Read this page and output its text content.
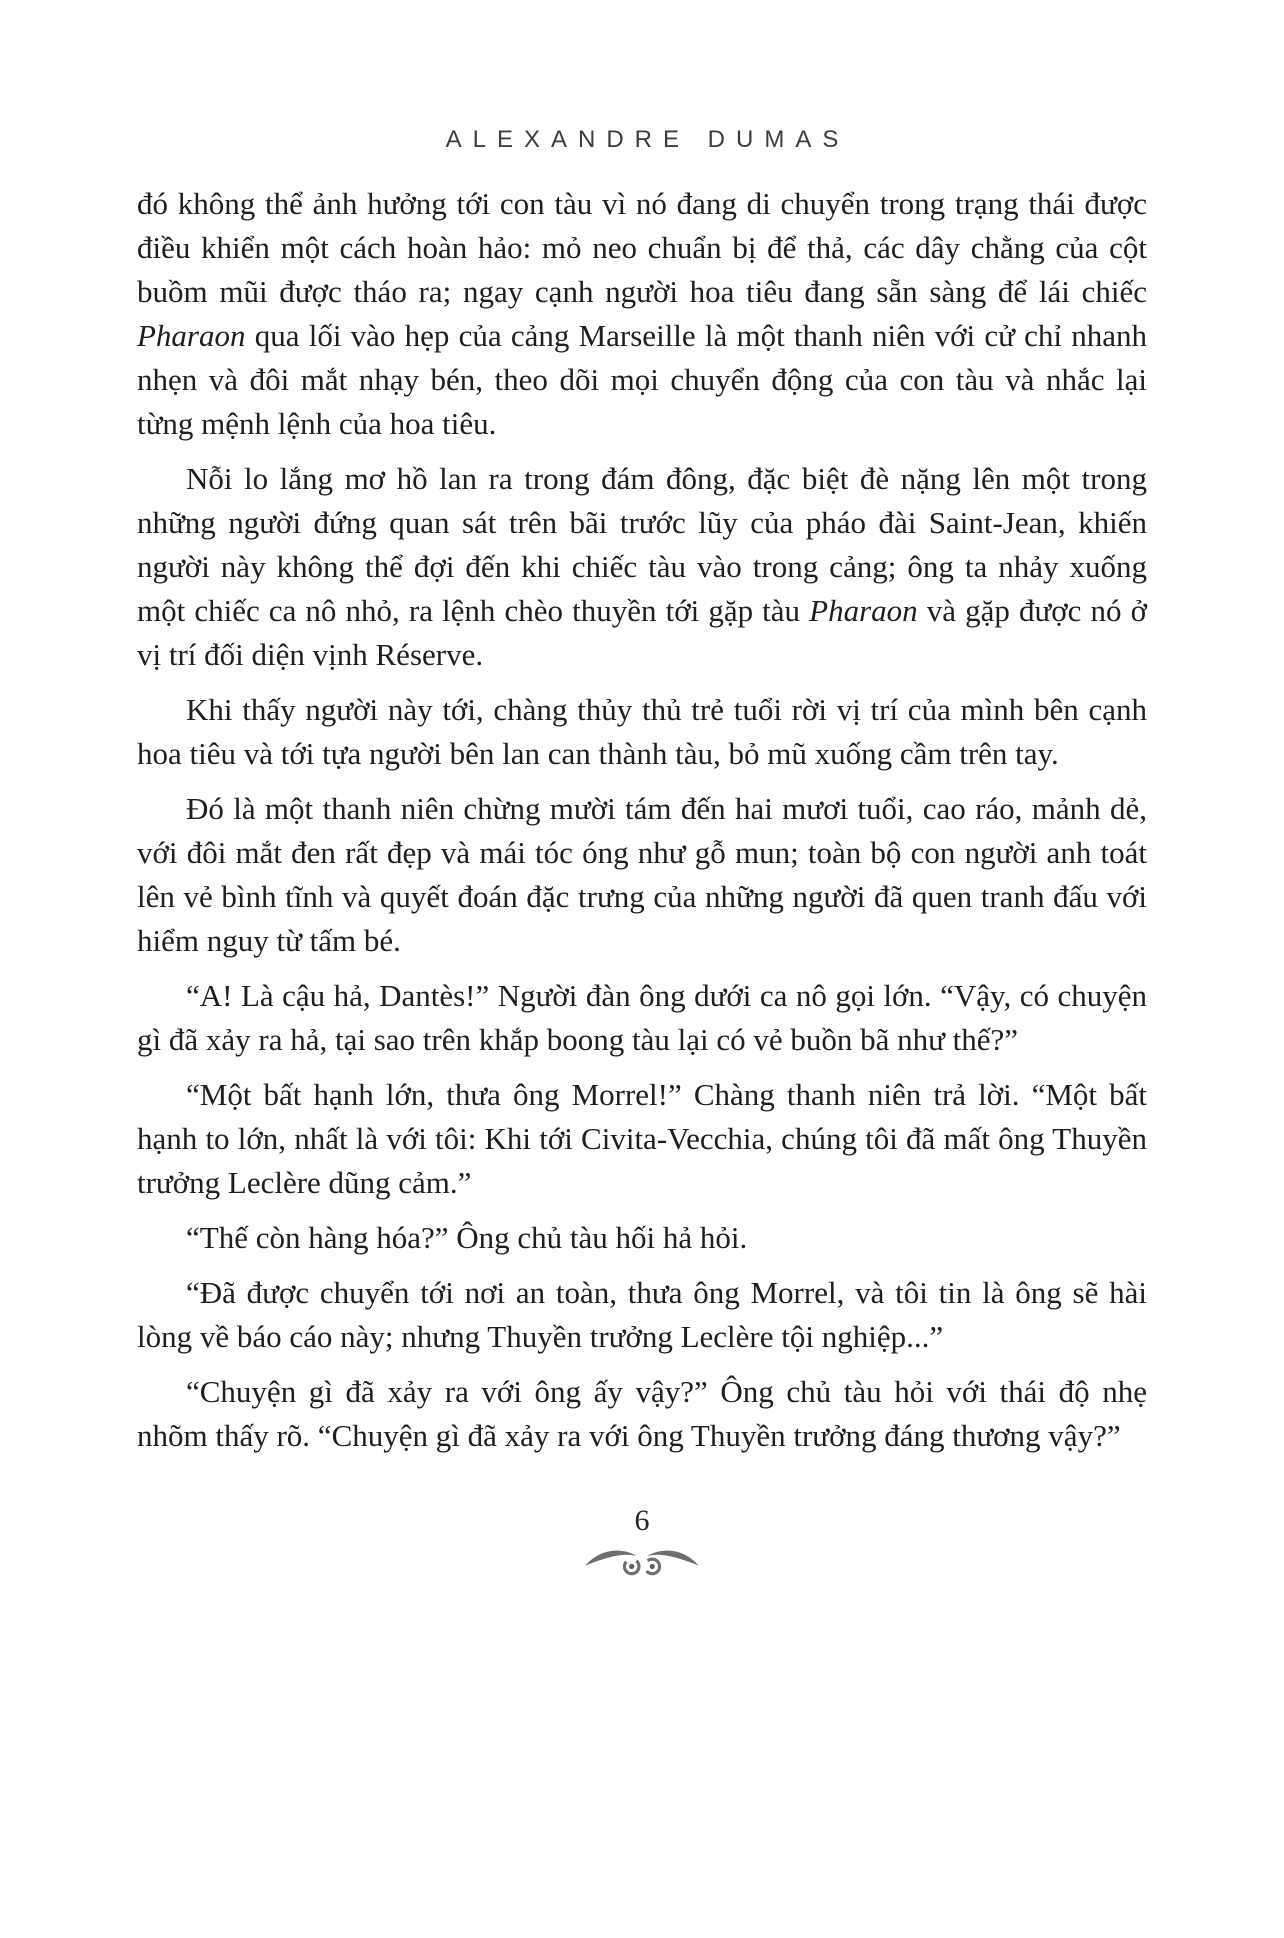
ALEXANDRE DUMAS

đó không thể ảnh hưởng tới con tàu vì nó đang di chuyển trong trạng thái được điều khiển một cách hoàn hảo: mỏ neo chuẩn bị để thả, các dây chằng của cột buồm mũi được tháo ra; ngay cạnh người hoa tiêu đang sẵn sàng để lái chiếc Pharaon qua lối vào hẹp của cảng Marseille là một thanh niên với cử chỉ nhanh nhẹn và đôi mắt nhạy bén, theo dõi mọi chuyển động của con tàu và nhắc lại từng mệnh lệnh của hoa tiêu.

Nỗi lo lắng mơ hồ lan ra trong đám đông, đặc biệt đè nặng lên một trong những người đứng quan sát trên bãi trước lũy của pháo đài Saint-Jean, khiến người này không thể đợi đến khi chiếc tàu vào trong cảng; ông ta nhảy xuống một chiếc ca nô nhỏ, ra lệnh chèo thuyền tới gặp tàu Pharaon và gặp được nó ở vị trí đối diện vịnh Réserve.

Khi thấy người này tới, chàng thủy thủ trẻ tuổi rời vị trí của mình bên cạnh hoa tiêu và tới tựa người bên lan can thành tàu, bỏ mũ xuống cầm trên tay.

Đó là một thanh niên chừng mười tám đến hai mươi tuổi, cao ráo, mảnh dẻ, với đôi mắt đen rất đẹp và mái tóc óng như gỗ mun; toàn bộ con người anh toát lên vẻ bình tĩnh và quyết đoán đặc trưng của những người đã quen tranh đấu với hiểm nguy từ tấm bé.

“A! Là cậu hả, Dantès!” Người đàn ông dưới ca nô gọi lớn. “Vậy, có chuyện gì đã xảy ra hả, tại sao trên khắp boong tàu lại có vẻ buồn bã như thế?”

“Một bất hạnh lớn, thưa ông Morrel!” Chàng thanh niên trả lời. “Một bất hạnh to lớn, nhất là với tôi: Khi tới Civita-Vecchia, chúng tôi đã mất ông Thuyền trưởng Leclère dũng cảm.”

“Thế còn hàng hóa?” Ông chủ tàu hối hả hỏi.

“Đã được chuyển tới nơi an toàn, thưa ông Morrel, và tôi tin là ông sẽ hài lòng về báo cáo này; nhưng Thuyền trưởng Leclère tội nghiệp...”

“Chuyện gì đã xảy ra với ông ấy vậy?” Ông chủ tàu hỏi với thái độ nhẹ nhõm thấy rõ. “Chuyện gì đã xảy ra với ông Thuyền trưởng đáng thương vậy?”

6
